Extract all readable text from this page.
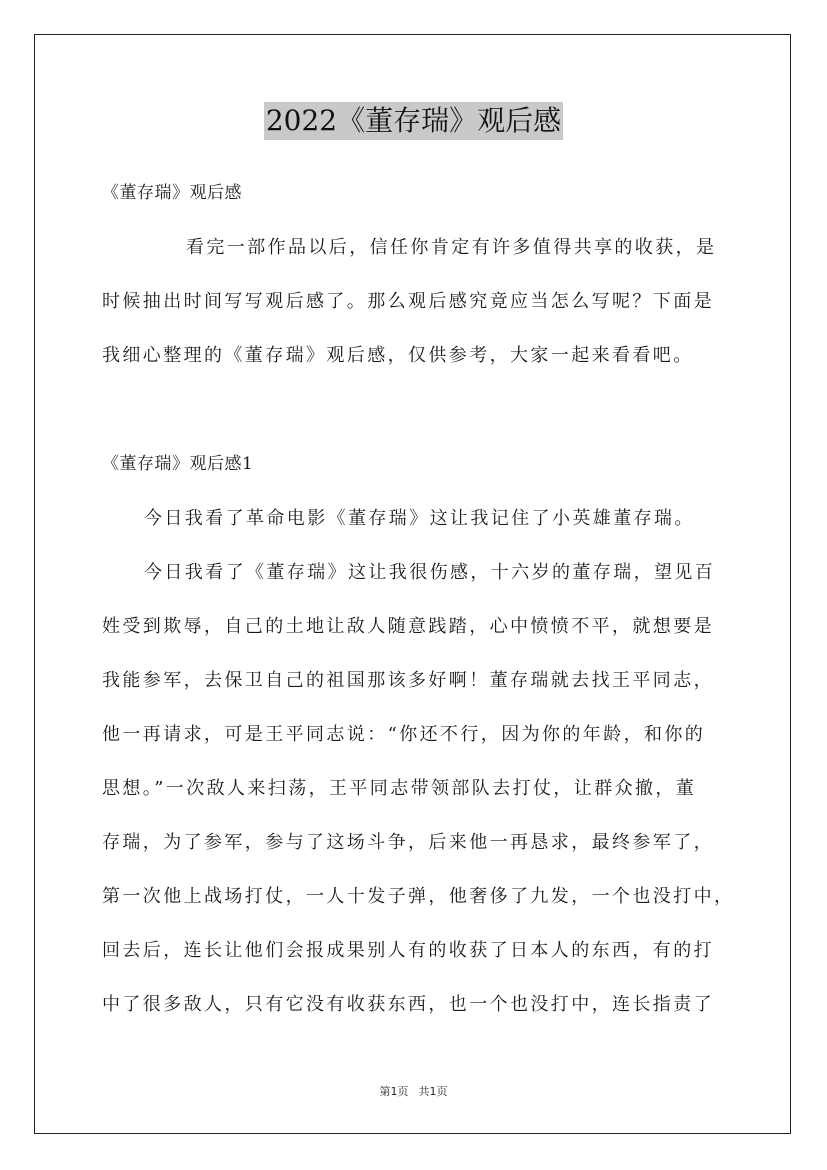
2022《董存瑞》观后感
《董存瑞》观后感
看完一部作品以后，信任你肯定有许多值得共享的收获，是
时候抽出时间写写观后感了。那么观后感究竟应当怎么写呢？下面是
我细心整理的《董存瑞》观后感，仅供参考，大家一起来看看吧。
《董存瑞》观后感1
今日我看了革命电影《董存瑞》这让我记住了小英雄董存瑞。
今日我看了《董存瑞》这让我很伤感，十六岁的董存瑞，望见百
姓受到欺辱，自己的土地让敌人随意践踏，心中愤愤不平，就想要是
我能参军，去保卫自己的祖国那该多好啊！董存瑞就去找王平同志，
他一再请求，可是王平同志说：“你还不行，因为你的年龄，和你的
思想。”一次敌人来扫荡，王平同志带领部队去打仗，让群众撤，董
存瑞，为了参军，参与了这场斗争，后来他一再恳求，最终参军了，
第一次他上战场打仗，一人十发子弹，他奢侈了九发，一个也没打中，
回去后，连长让他们会报成果别人有的收获了日本人的东西，有的打
中了很多敌人，只有它没有收获东西，也一个也没打中，连长指责了
第1页 共1页
